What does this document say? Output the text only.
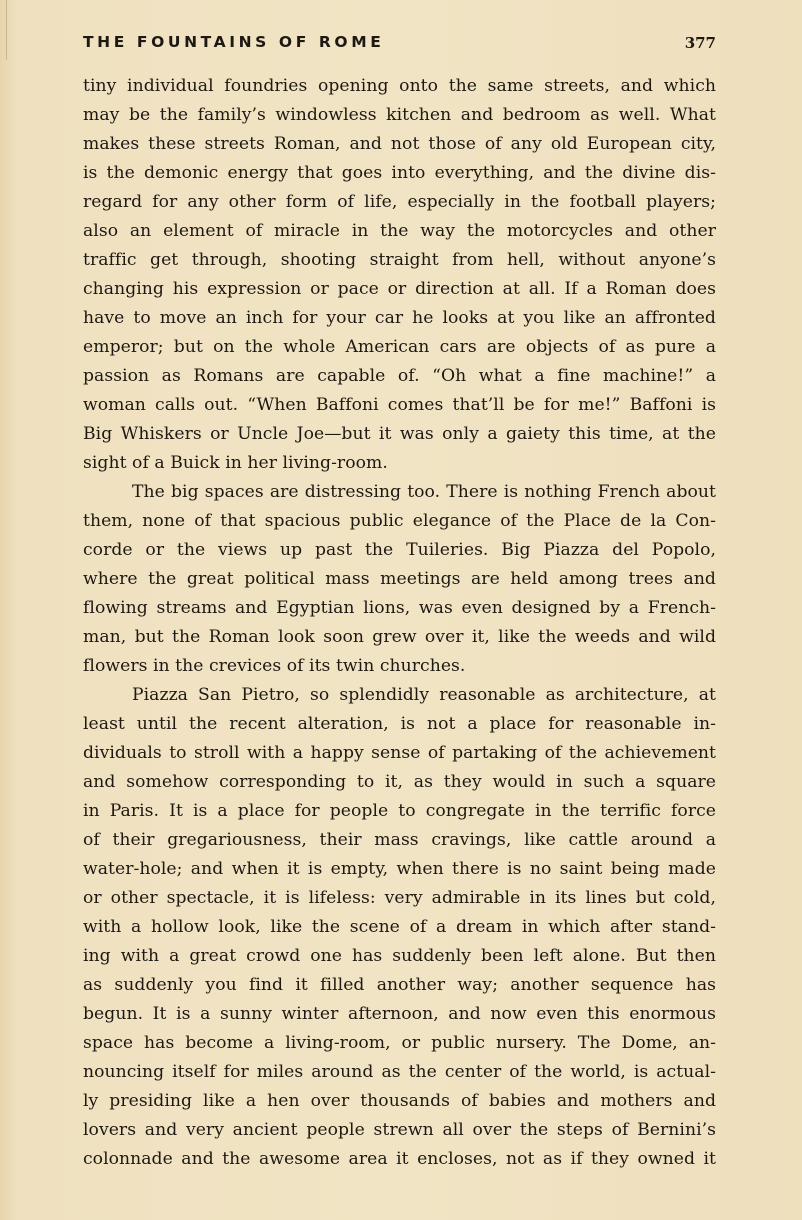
THE FOUNTAINS OF ROME	377
tiny individual foundries opening onto the same streets, and which
may be the family’s windowless kitchen and bedroom as well. What
makes these streets Roman, and not those of any old European city,
is the demonic energy that goes into everything, and the divine dis-
regard for any other form of life, especially in the football players;
also an element of miracle in the way the motorcycles and other
traffic get through, shooting straight from hell, without anyone’s
changing his expression or pace or direction at all. If a Roman does
have to move an inch for your car he looks at you like an affronted
emperor; but on the whole American cars are objects of as pure a
passion as Romans are capable of. “Oh what a fine machine!” a
woman calls out. “When Baffoni comes that’ll be for me!” Baffoni is
Big Whiskers or Uncle Joe—but it was only a gaiety this time, at the
sight of a Buick in her living-room.
The big spaces are distressing too. There is nothing French about
them, none of that spacious public elegance of the Place de la Con-
corde or the views up past the Tuileries. Big Piazza del Popolo,
where the great political mass meetings are held among trees and
flowing streams and Egyptian lions, was even designed by a French-
man, but the Roman look soon grew over it, like the weeds and wild
flowers in the crevices of its twin churches.
Piazza San Pietro, so splendidly reasonable as architecture, at
least until the recent alteration, is not a place for reasonable in-
dividuals to stroll with a happy sense of partaking of the achievement
and somehow corresponding to it, as they would in such a square
in Paris. It is a place for people to congregate in the terrific force
of their gregariousness, their mass cravings, like cattle around a
water-hole; and when it is empty, when there is no saint being made
or other spectacle, it is lifeless: very admirable in its lines but cold,
with a hollow look, like the scene of a dream in which after stand-
ing with a great crowd one has suddenly been left alone. But then
as suddenly you find it filled another way; another sequence has
begun. It is a sunny winter afternoon, and now even this enormous
space has become a living-room, or public nursery. The Dome, an-
nouncing itself for miles around as the center of the world, is actual-
ly presiding like a hen over thousands of babies and mothers and
lovers and very ancient people strewn all over the steps of Bernini’s
colonnade and the awesome area it encloses, not as if they owned it
